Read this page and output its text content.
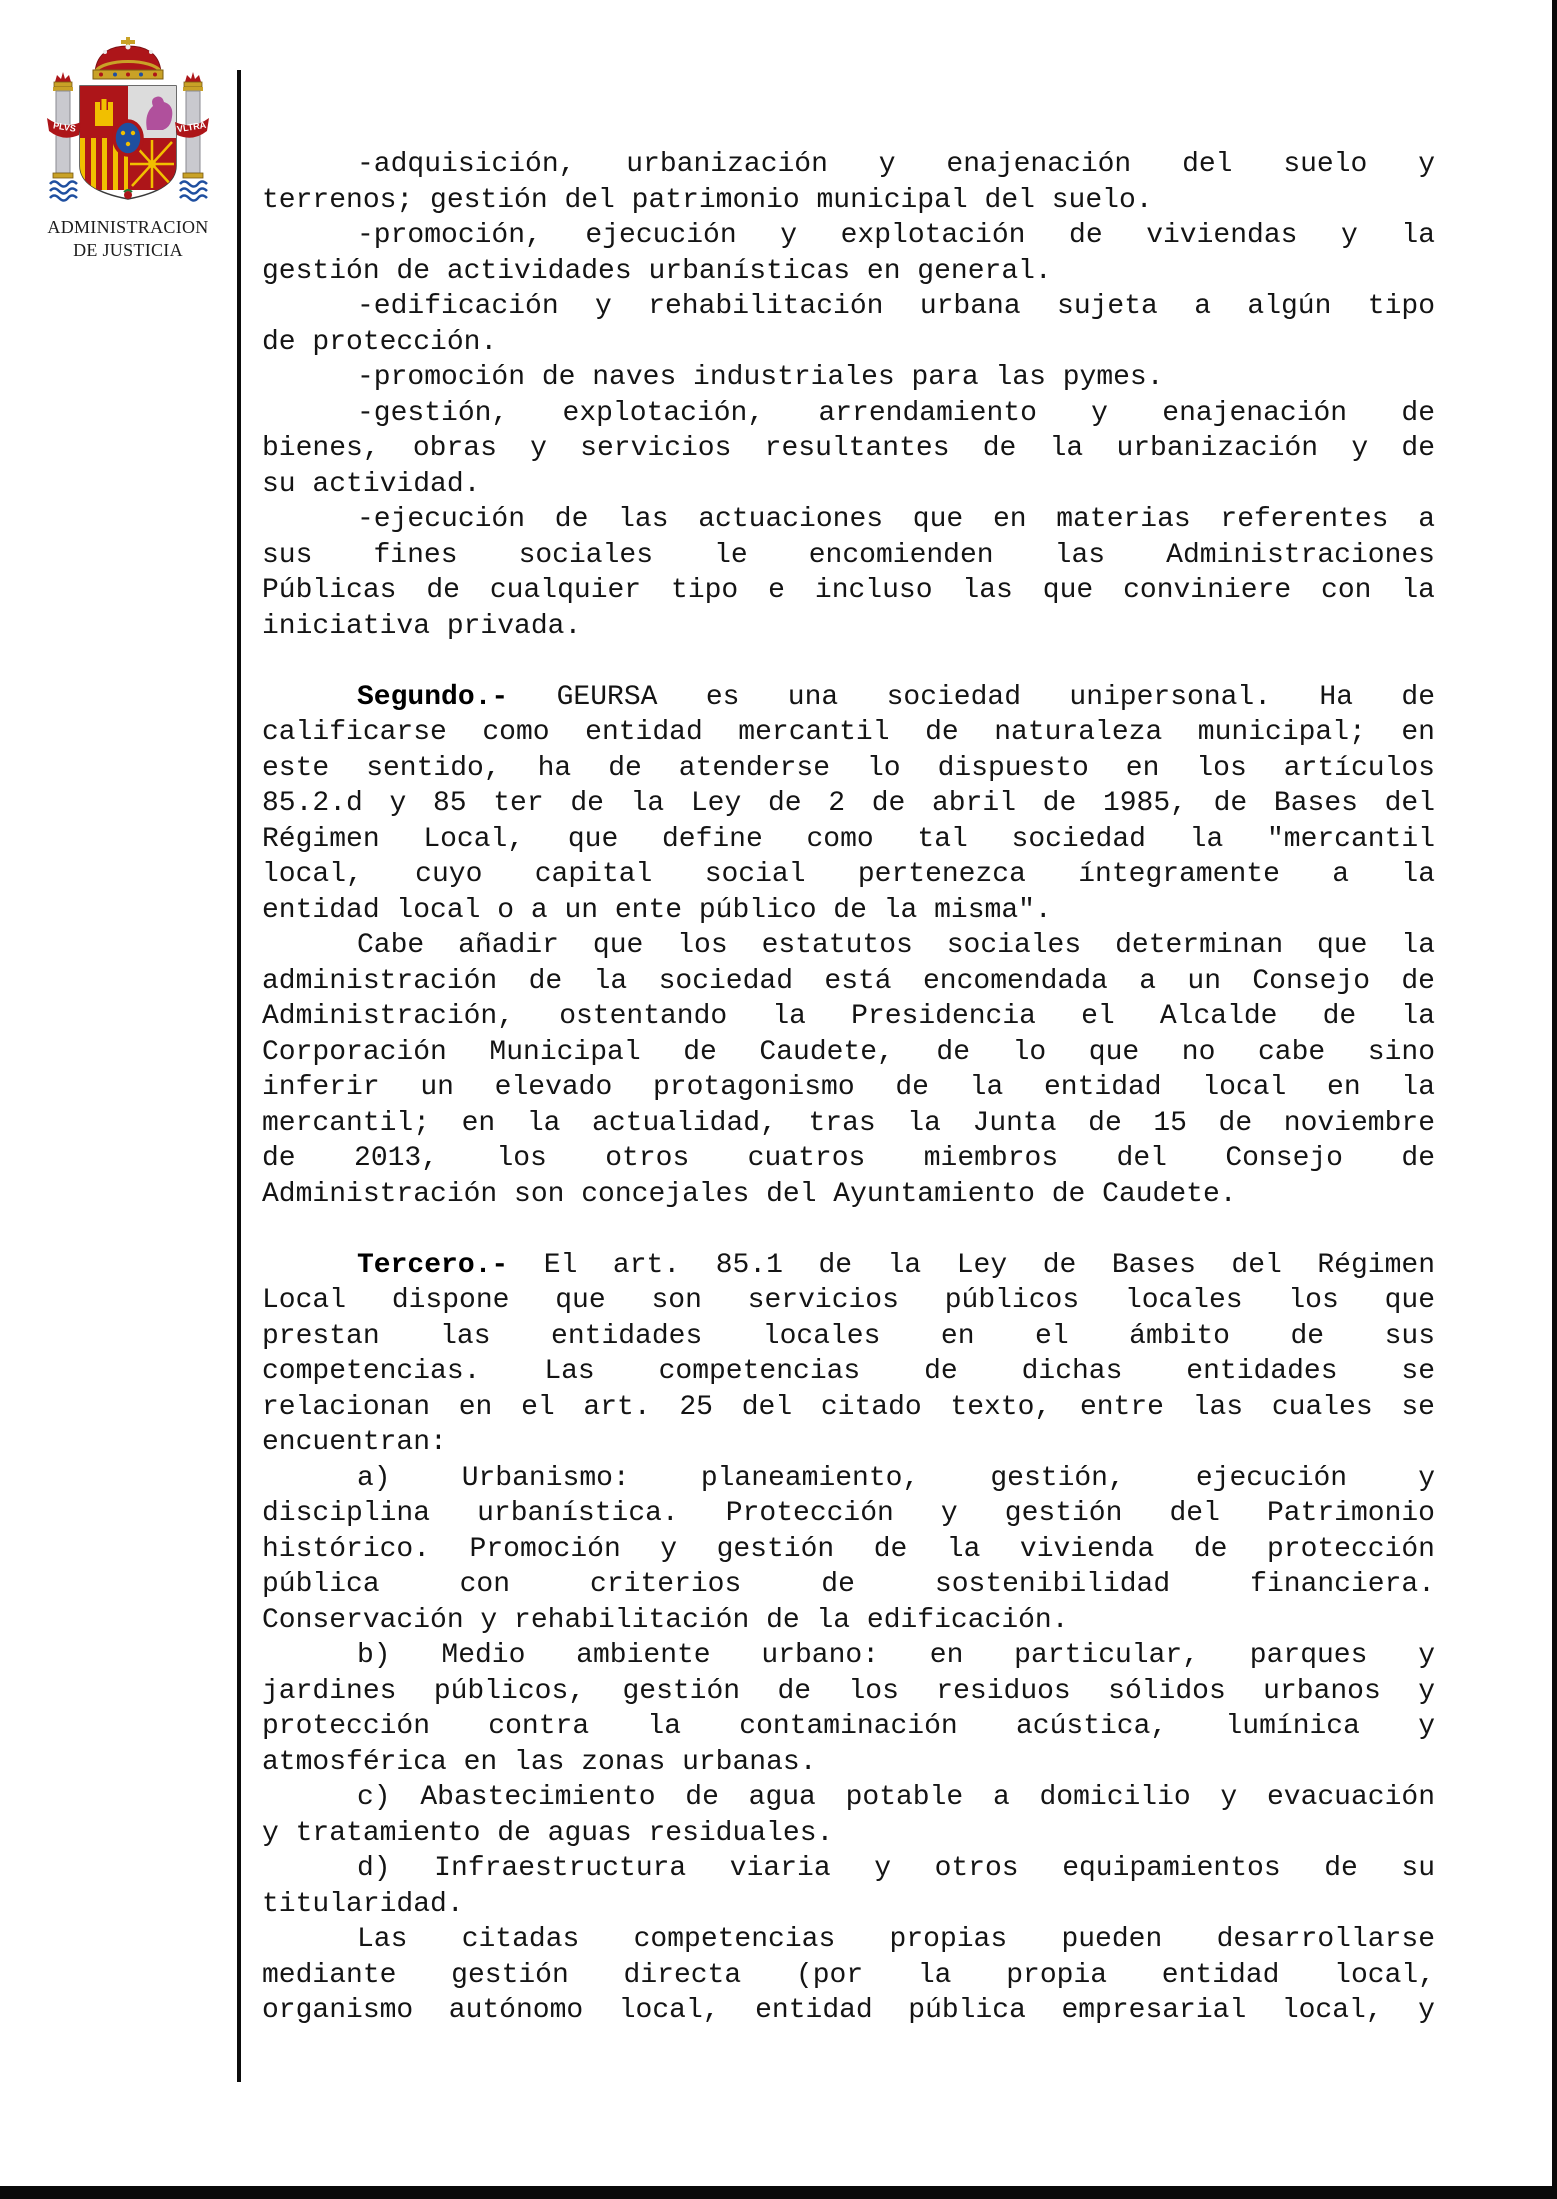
PLVS	VLTRA
ADMINISTRACION
DE JUSTICIA
-adquisición, urbanización y enajenación del suelo y
terrenos; gestión del patrimonio municipal del suelo.
-promoción, ejecución y explotación de viviendas y la
gestión de actividades urbanísticas en general.
-edificación y rehabilitación urbana sujeta a algún tipo
de protección.
-promoción de naves industriales para las pymes.
-gestión, explotación, arrendamiento y enajenación de
bienes, obras y servicios resultantes de la urbanización y de
su actividad.
-ejecución de las actuaciones que en materias referentes a
sus fines sociales le encomienden las Administraciones
Públicas de cualquier tipo e incluso las que conviniere con la
iniciativa privada.
Segundo.- GEURSA es una sociedad unipersonal. Ha de
calificarse como entidad mercantil de naturaleza municipal; en
este sentido, ha de atenderse lo dispuesto en los artículos
85.2.d y 85 ter de la Ley de 2 de abril de 1985, de Bases del
Régimen Local, que define como tal sociedad la "mercantil
local, cuyo capital social pertenezca íntegramente a la
entidad local o a un ente público de la misma".
Cabe añadir que los estatutos sociales determinan que la
administración de la sociedad está encomendada a un Consejo de
Administración, ostentando la Presidencia el Alcalde de la
Corporación Municipal de Caudete, de lo que no cabe sino
inferir un elevado protagonismo de la entidad local en la
mercantil; en la actualidad, tras la Junta de 15 de noviembre
de 2013, los otros cuatros miembros del Consejo de
Administración son concejales del Ayuntamiento de Caudete.
Tercero.- El art. 85.1 de la Ley de Bases del Régimen
Local dispone que son servicios públicos locales los que
prestan las entidades locales en el ámbito de sus
competencias. Las competencias de dichas entidades se
relacionan en el art. 25 del citado texto, entre las cuales se
encuentran:
a) Urbanismo: planeamiento, gestión, ejecución y
disciplina urbanística. Protección y gestión del Patrimonio
histórico. Promoción y gestión de la vivienda de protección
pública con criterios de sostenibilidad financiera.
Conservación y rehabilitación de la edificación.
b) Medio ambiente urbano: en particular, parques y
jardines públicos, gestión de los residuos sólidos urbanos y
protección contra la contaminación acústica, lumínica y
atmosférica en las zonas urbanas.
c) Abastecimiento de agua potable a domicilio y evacuación
y tratamiento de aguas residuales.
d) Infraestructura viaria y otros equipamientos de su
titularidad.
Las citadas competencias propias pueden desarrollarse
mediante gestión directa (por la propia entidad local,
organismo autónomo local, entidad pública empresarial local, y
